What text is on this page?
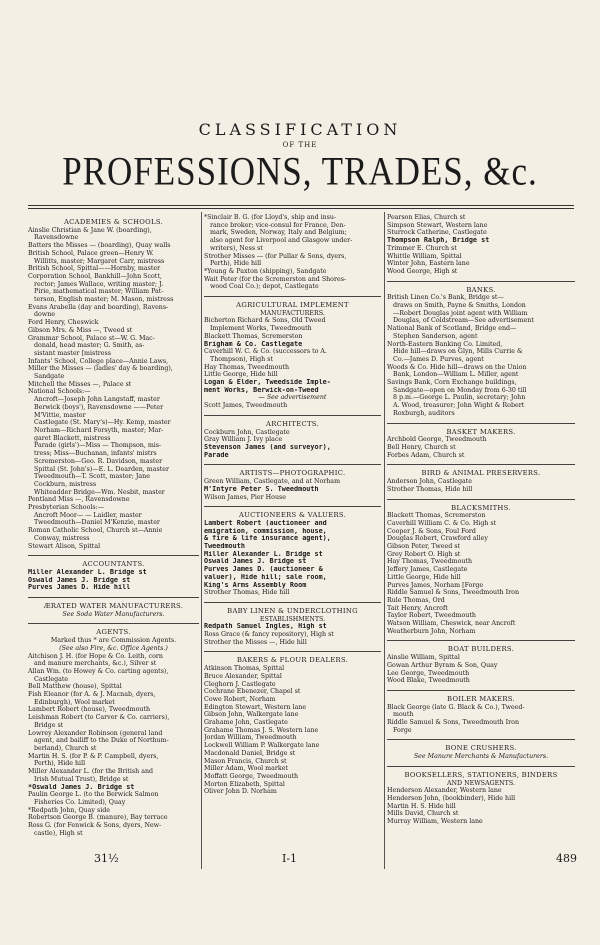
CLASSIFICATION
OF THE
PROFESSIONS, TRADES, &c.
ACADEMIES & SCHOOLS.
Ainslie Christian & Jane W. (boarding),
Ravensdowne
Batters the Misses — (boarding), Quay walls
British School, Palace green—Henry W.
Willitts, master; Margaret Carr, mistress
British School, Spittal——Hornby, master
Corporation School, Bankhill—John Scott,
rector; James Wallace, writing master; J.
Pirie, mathematical master; William Pat-
terson, English master; M. Mason, mistress
Evans Arabella (day and boarding), Ravens-
downe
Ford Henry, Cheswick
Gibson Mrs. & Miss —, Tweed st
Grammar School, Palace st—W. G. Mac-
donald, head master; G. Smith, as-
sistant master [mistress
Infants' School, College place—Annie Laws,
Miller the Misses — (ladies' day & boarding),
Sandgate
Mitchell the Misses —, Palace st
National Schools:—
Ancroft—Joseph John Langstaff, master
Berwick (boys'), Ravensdowne ——Peter
M'Vittie, master
Castlegate (St. Mary's)—Hy. Kemp, master
Norham—Richard Forsyth, master; Mar-
garet Blackett, mistress
Parade (girls')—Miss — Thompson, mis-
tress; Miss—Buchanan, infants' mistrs
Scremerston—Geo. R. Davidson, master
Spittal (St. John's)—E. L. Dearden, master
Tweedmouth—T. Scott, master; Jane
Cockburn, mistress
Whiteadder Bridge—Wm. Nesbit, master
Pentland Miss —, Ravensdowne
Presbyterian Schools:—
Ancroft Moor— — Laidler, master
Tweedmouth—Daniel M'Kenzie, master
Roman Catholic School, Church st—Annie
Conway, mistress
Stewart Alison, Spittal
ACCOUNTANTS.
Miller Alexander L. Bridge st
Oswald James J. Bridge st
Purves James D. Hide hill
ÆRATED WATER MANUFACTURERS.
See Soda Water Manufacturers.
AGENTS.
Marked thus * are Commission Agents.
(See also Fire, &c. Office Agents.)
Aitchison J. H. (for Hope & Co. Leith, corn
and manure merchants, &c.), Silver st
Allan Wm. (to Howey & Co. carting agents),
Castlegate
Bell Matthew (house), Spittal
Fish Eleanor (for A. & J. Macnab, dyers,
Edinburgh), Wool market
Lambert Robert (house), Tweedmouth
Leishman Robert (to Carver & Co. carriers),
Bridge st
Lowrey Alexander Robinson (general land
agent, and bailiff to the Duke of Northum-
berland), Church st
Martin H. S. (for P. & P. Campbell, dyers,
Perth), Hide hill
Miller Alexander L. (for the British and
Irish Mutual Trust), Bridge st
*Oswald James J. Bridge st
Paulin George L. (to the Berwick Salmon
Fisheries Co. Limited), Quay
*Redpath John, Quay side
Robertson George B. (manure), Bay terrace
Ross G. (for Fenwick & Sons, dyers, New-
castle), High st
*Sinclair B. G. (for Lloyd's, ship and insu-
rance broker; vice-consul for France, Den-
mark, Sweden, Norway, Italy and Belgium;
also agent for Liverpool and Glasgow under-
writers), Ness st
Strother Misses — (for Pullar & Sons, dyers,
Perth), Hide hill
*Young & Paxton (shipping), Sandgate
Wait Peter (for the Scremerston and Shores-
wood Coal Co.); depot, Castlegate
AGRICULTURAL IMPLEMENT
MANUFACTURERS.
Bicherton Richard & Sons, Old Tweed
Implement Works, Tweedmouth
Blackett Thomas, Scremerston
Brigham & Co. Castlegate
Caverhill W. C. & Co. (successors to A.
Thompson), High st
Hay Thomas, Tweedmouth
Little George, Hide hill
Logan & Elder, Tweedside Imple-
ment Works, Berwick-on-Tweed
— See advertisement
Scott James, Tweedmouth
ARCHITECTS.
Cockburn John, Castlegate
Gray William J. Ivy place
Stevenson James (and surveyor),
Parade
ARTISTS—PHOTOGRAPHIC.
Green William, Castlegate, and at Norham
M'Intyre Peter S. Tweedmouth
Wilson James, Pier House
AUCTIONEERS & VALUERS.
Lambert Robert (auctioneer and
emigration, commission, house,
& fire & life insurance agent),
Tweedmouth
Miller Alexander L. Bridge st
Oswald James J. Bridge st
Purves James D. (auctioneer &
valuer), Hide hill; sale room,
King's Arms Assembly Room
Strother Thomas, Hide hill
BABY LINEN & UNDERCLOTHING
ESTABLISHMENTS.
Redpath Samuel Ingles, High st
Ross Grace (& fancy repository), High st
Strother the Misses —, Hide hill
BAKERS & FLOUR DEALERS.
Atkinson Thomas, Spittal
Bruce Alexander, Spittal
Cleghorn J. Castlegate
Cochrane Ebenezer, Chapel st
Cowe Robert, Norham
Edington Stewart, Western lane
Gibson John, Walkergate lane
Grahame John, Castlegate
Grahame Thomas J. S. Western lane
Jordan William, Tweedmouth
Lockwell William P. Walkergate lane
Macdonald Daniel, Bridge st
Mason Francis, Church st
Miller Adam, Wool market
Moffatt George, Tweedmouth
Morton Elizabeth, Spittal
Oliver John D. Norham
Pearson Elias, Church st
Simpson Stewart, Western lane
Sturrock Catherine, Castlegate
Thompson Ralph, Bridge st
Trimmer E. Church st
Whittle William, Spittal
Winter John, Eastern lane
Wood George, High st
BANKS.
British Linen Co.'s Bank, Bridge st—
draws on Smith, Payne & Smiths, London
—Robert Douglas joint agent with William
Douglas, of Coldstream—See advertisement
National Bank of Scotland, Bridge end—
Stephen Sanderson, agent
North-Eastern Banking Co. Limited,
Hide hill—draws on Glyn, Mills Currie &
Co.—James D. Purves, agent
Woods & Co. Hide hill—draws on the Union
Bank, London—William L. Miller, agent
Savings Bank, Corn Exchange buildings,
Sandgate—open on Monday from 6-30 till
8 p.m.—George L. Paulin, secretary; John
A. Wood, treasurer; John Wight & Robert
Roxburgh, auditors
BASKET MAKERS.
Archbold George, Tweedmouth
Bell Henry, Church st
Forbes Adam, Church st
BIRD & ANIMAL PRESERVERS.
Anderson John, Castlegate
Strother Thomas, Hide hill
BLACKSMITHS.
Blackett Thomas, Scremerston
Caverhill William C. & Co. High st
Cooper J. & Sons, Foul Ford
Douglas Robert, Crawford alley
Gibson Peter, Tweed st
Grey Robert O. High st
Hay Thomas, Tweedmouth
Jeffery James, Castlegate
Little George, Hide hill
Purves James, Norham [Forge
Riddle Samuel & Sons, Tweedmouth Iron
Rule Thomas, Ord
Tait Henry, Ancroft
Taylor Robert, Tweedmouth
Watson William, Cheswick, near Ancroft
Weatherburn John, Norham
BOAT BUILDERS.
Ainslie William, Spittal
Gowan Arthur Byram & Son, Quay
Lee George, Tweedmouth
Wood Blake, Tweedmouth
BOILER MAKERS.
Black George (late G. Black & Co.), Tweed-
mouth
Riddle Samuel & Sons, Tweedmouth Iron
Forge
BONE CRUSHERS.
See Manure Merchants & Manufacturers.
BOOKSELLERS, STATIONERS, BINDERS
AND NEWSAGENTS.
Henderson Alexander, Western lane
Henderson John, (bookbinder), Hide hill
Martin H. S. Hide hill
Mills David, Church st
Murray William, Western lane
31½	I-1	489
